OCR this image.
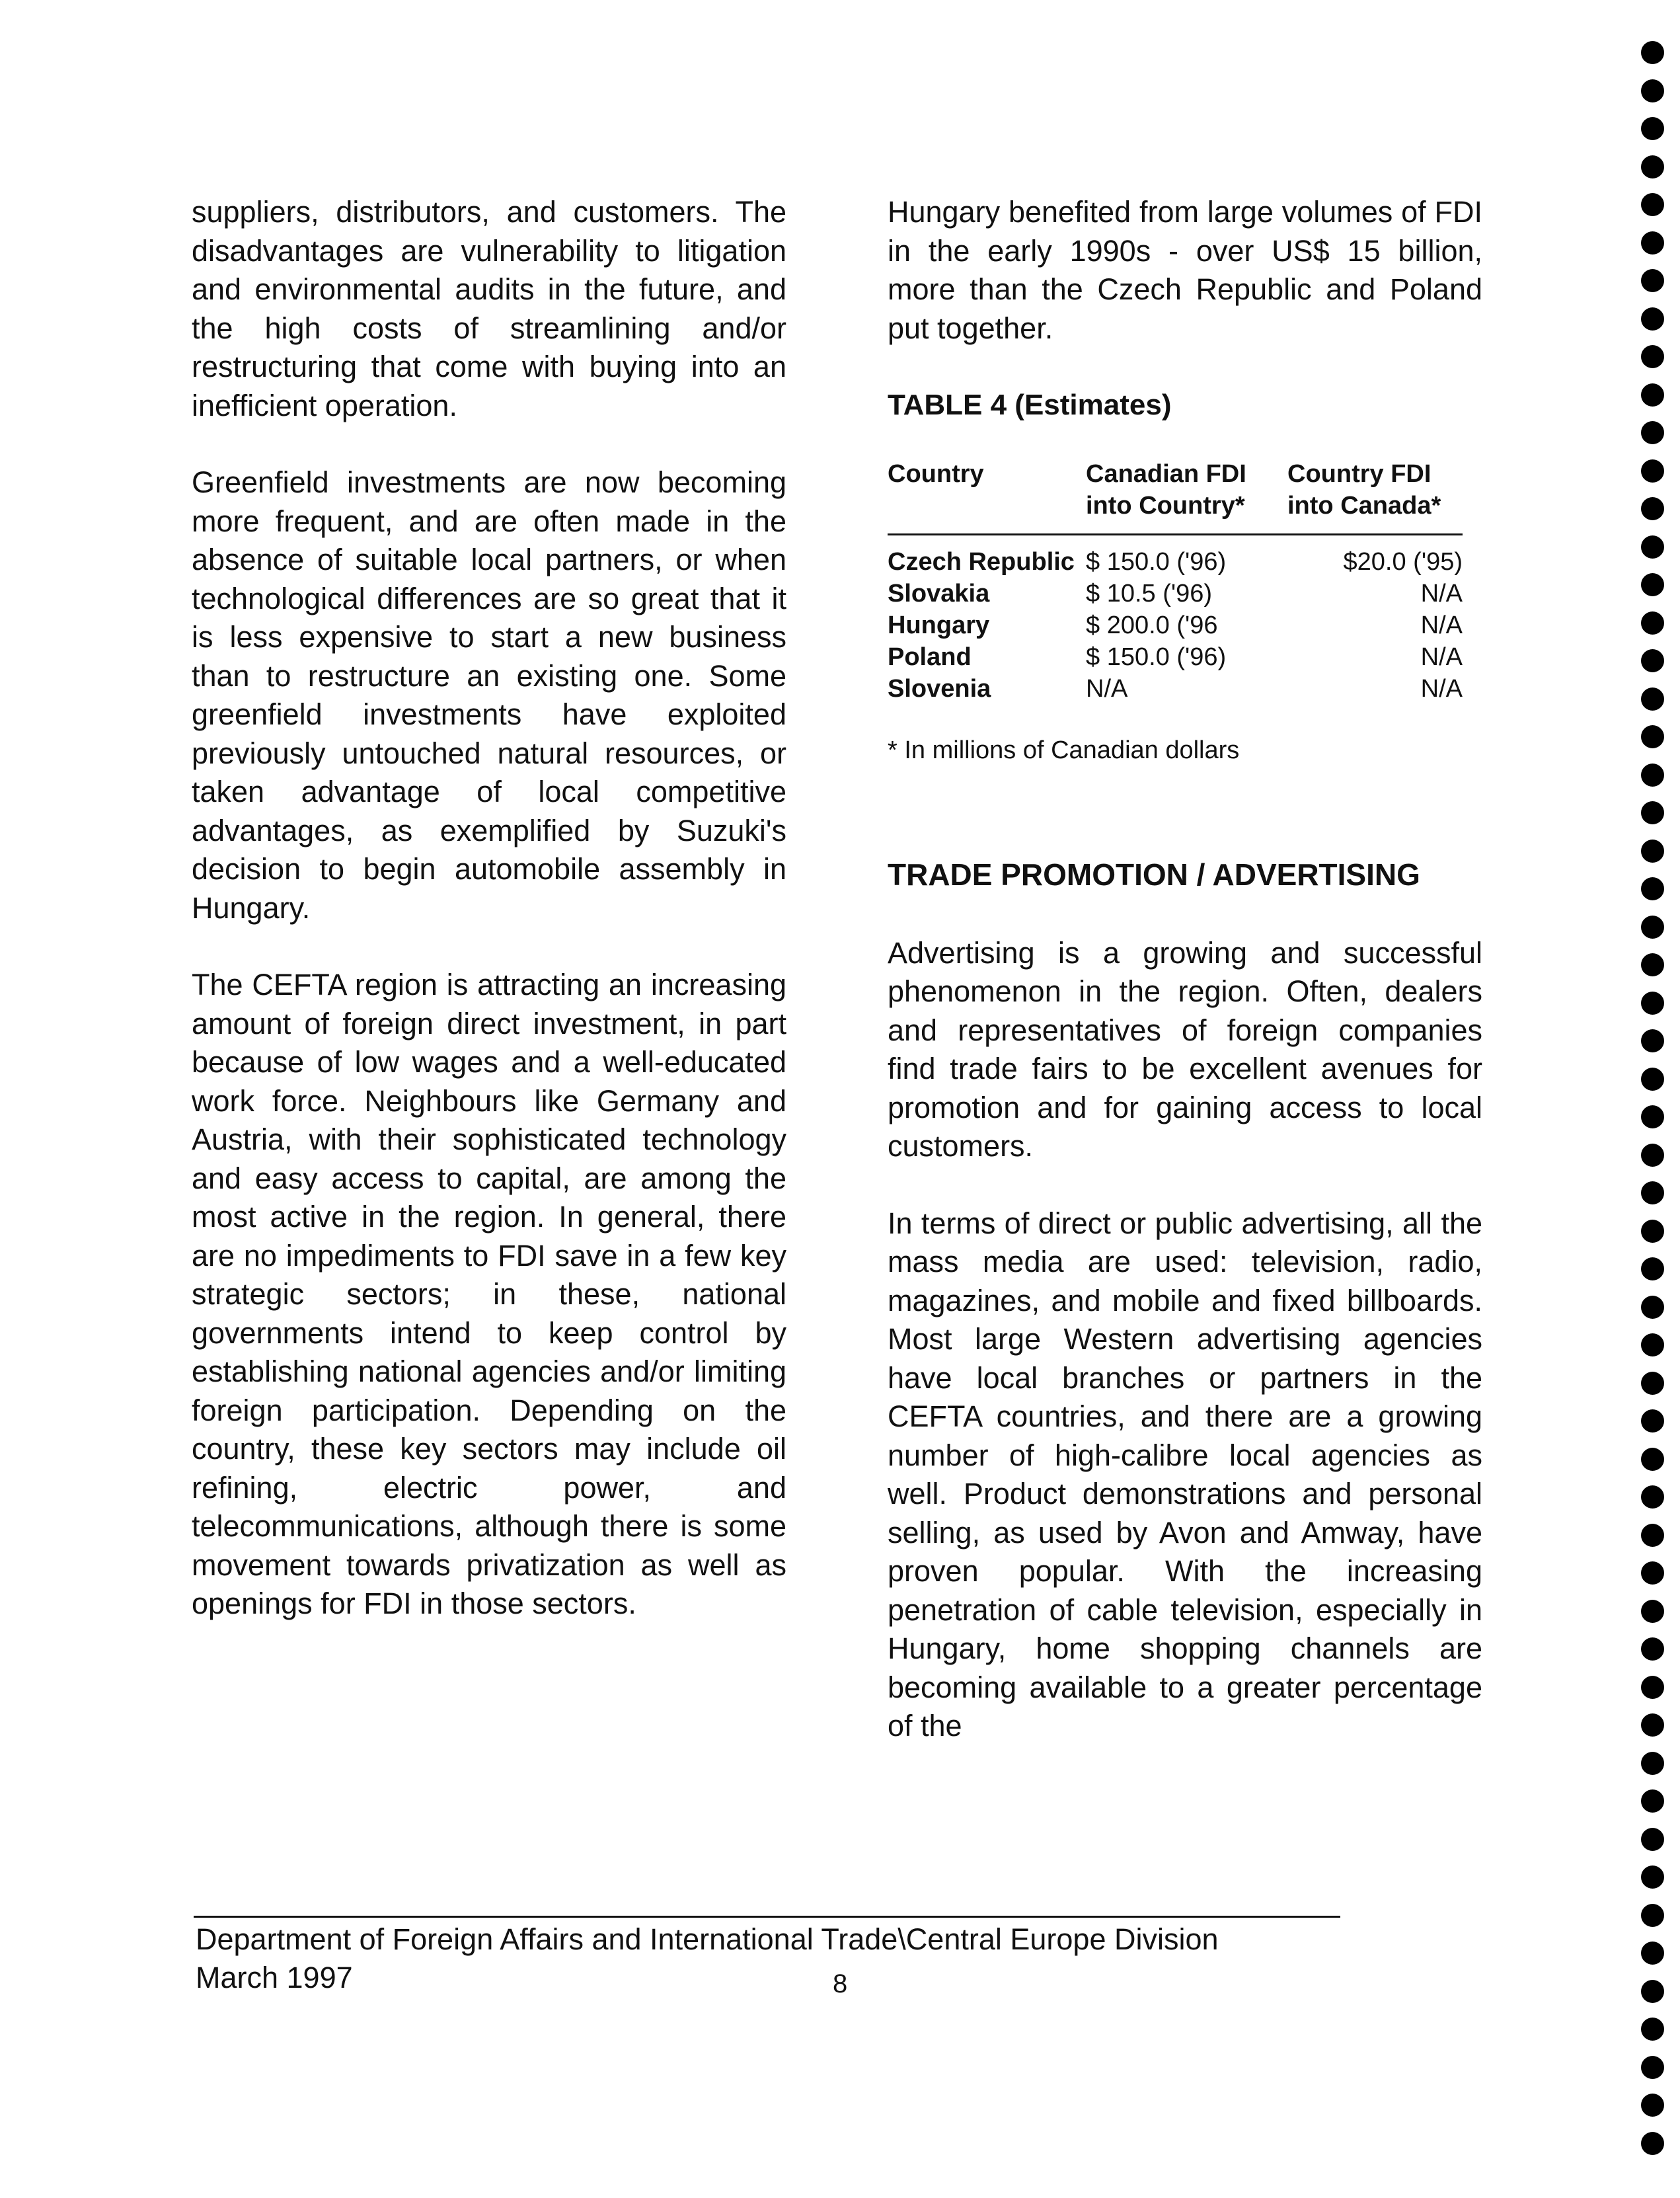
suppliers, distributors, and customers. The disadvantages are vulnerability to litigation and environmental audits in the future, and the high costs of streamlining and/or restructuring that come with buying into an inefficient operation.

Greenfield investments are now becoming more frequent, and are often made in the absence of suitable local partners, or when technological differences are so great that it is less expensive to start a new business than to restructure an existing one. Some greenfield investments have exploited previously untouched natural resources, or taken advantage of local competitive advantages, as exemplified by Suzuki's decision to begin automobile assembly in Hungary.

The CEFTA region is attracting an increasing amount of foreign direct investment, in part because of low wages and a well-educated work force. Neighbours like Germany and Austria, with their sophisticated technology and easy access to capital, are among the most active in the region. In general, there are no impediments to FDI save in a few key strategic sectors; in these, national governments intend to keep control by establishing national agencies and/or limiting foreign participation. Depending on the country, these key sectors may include oil refining, electric power, and telecommunications, although there is some movement towards privatization as well as openings for FDI in those sectors.

Hungary benefited from large volumes of FDI in the early 1990s - over US$ 15 billion, more than the Czech Republic and Poland put together.

TABLE 4 (Estimates)
Country	Canadian FDI into Country*	Country FDI into Canada*
Czech Republic	$ 150.0 ('96)	$20.0 ('95)
Slovakia	$ 10.5 ('96)	N/A
Hungary	$ 200.0 ('96	N/A
Poland	$ 150.0 ('96)	N/A
Slovenia	N/A	N/A
* In millions of Canadian dollars
TRADE PROMOTION / ADVERTISING

Advertising is a growing and successful phenomenon in the region. Often, dealers and representatives of foreign companies find trade fairs to be excellent avenues for promotion and for gaining access to local customers.

In terms of direct or public advertising, all the mass media are used: television, radio, magazines, and mobile and fixed billboards. Most large Western advertising agencies have local branches or partners in the CEFTA countries, and there are a growing number of high-calibre local agencies as well. Product demonstrations and personal selling, as used by Avon and Amway, have proven popular. With the increasing penetration of cable television, especially in Hungary, home shopping channels are becoming available to a greater percentage of the

Department of Foreign Affairs and International Trade\Central Europe Division
March 1997	8
